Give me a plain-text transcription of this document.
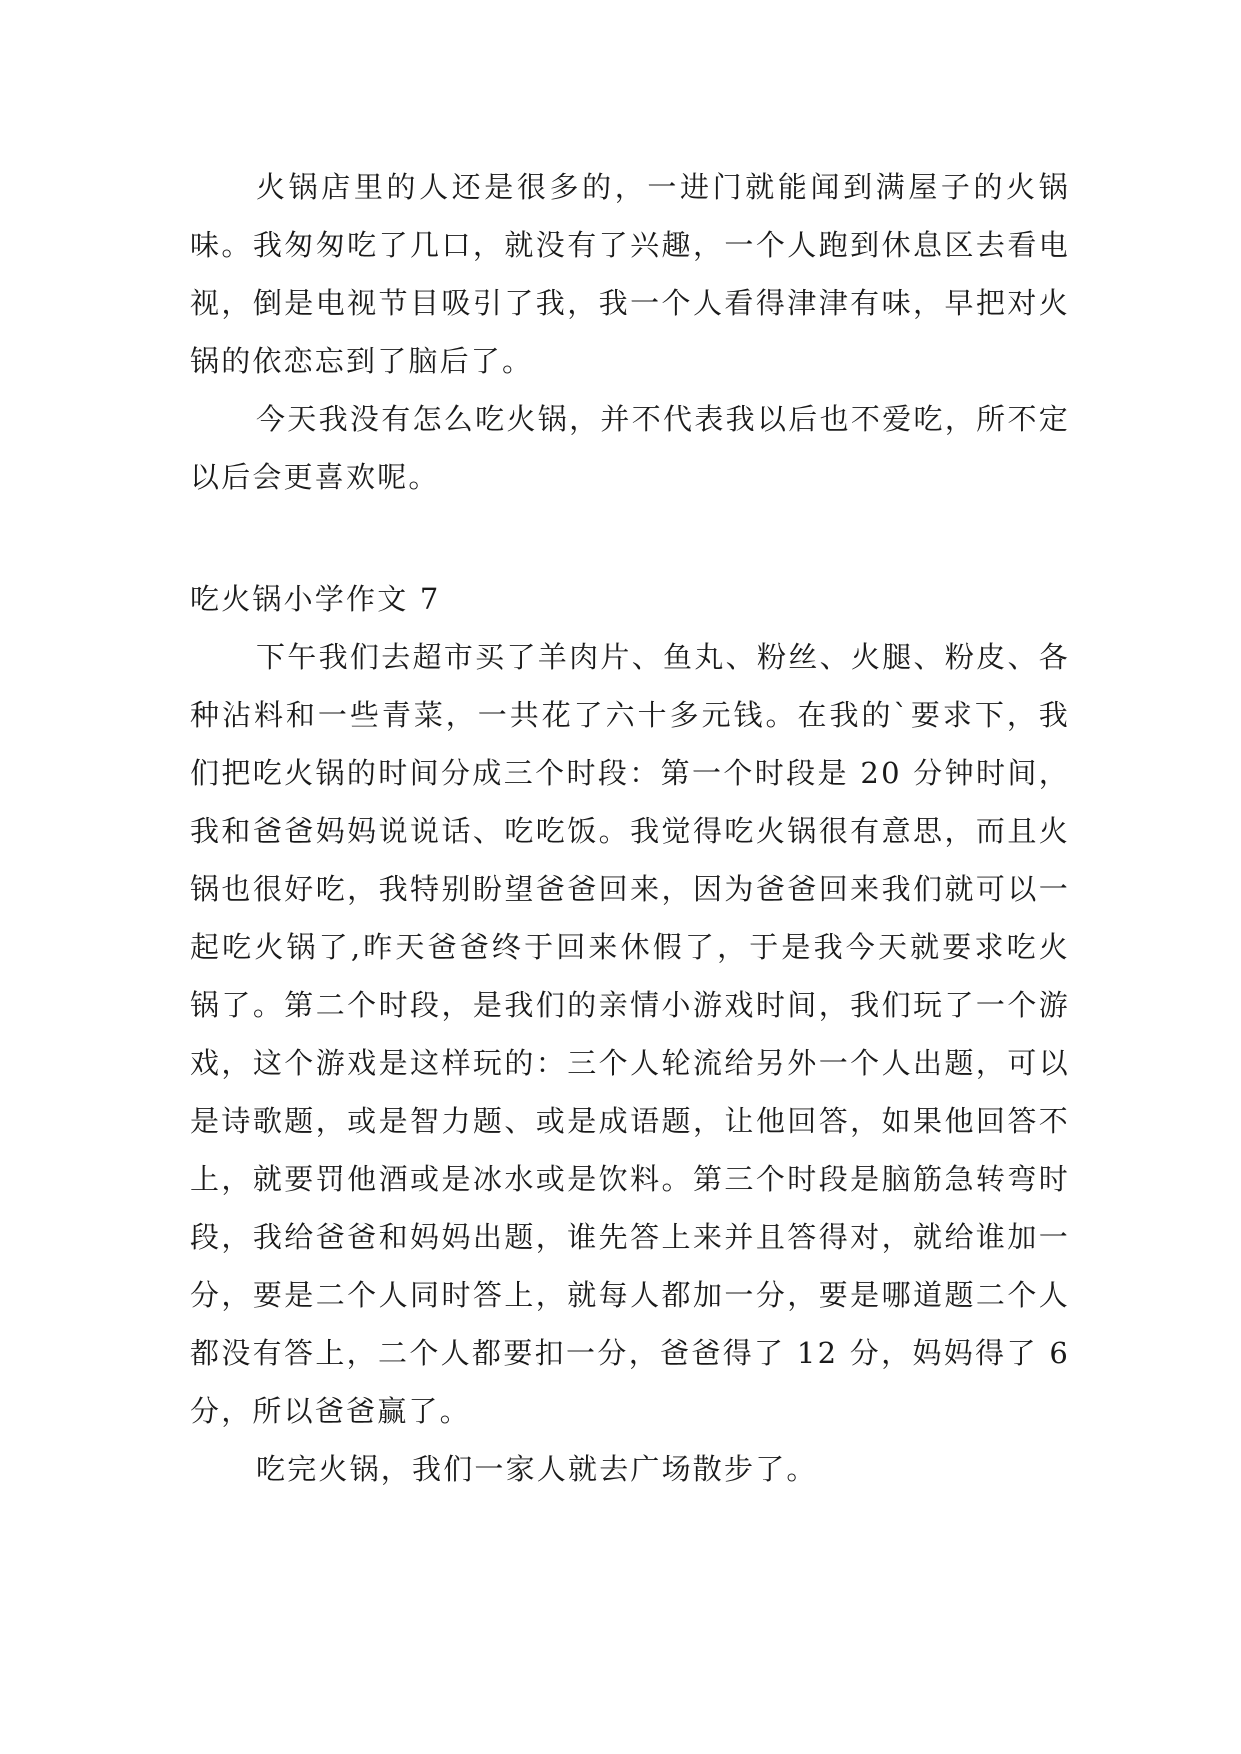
火锅店里的人还是很多的，一进门就能闻到满屋子的火锅味。我匆匆吃了几口，就没有了兴趣，一个人跑到休息区去看电视，倒是电视节目吸引了我，我一个人看得津津有味，早把对火锅的依恋忘到了脑后了。

今天我没有怎么吃火锅，并不代表我以后也不爱吃，所不定以后会更喜欢呢。

吃火锅小学作文 7

下午我们去超市买了羊肉片、鱼丸、粉丝、火腿、粉皮、各种沾料和一些青菜，一共花了六十多元钱。在我的`要求下，我们把吃火锅的时间分成三个时段：第一个时段是 20 分钟时间，我和爸爸妈妈说说话、吃吃饭。我觉得吃火锅很有意思，而且火锅也很好吃，我特别盼望爸爸回来，因为爸爸回来我们就可以一起吃火锅了,昨天爸爸终于回来休假了，于是我今天就要求吃火锅了。第二个时段，是我们的亲情小游戏时间，我们玩了一个游戏，这个游戏是这样玩的：三个人轮流给另外一个人出题，可以是诗歌题，或是智力题、或是成语题，让他回答，如果他回答不上，就要罚他酒或是冰水或是饮料。第三个时段是脑筋急转弯时段，我给爸爸和妈妈出题，谁先答上来并且答得对，就给谁加一分，要是二个人同时答上，就每人都加一分，要是哪道题二个人都没有答上，二个人都要扣一分，爸爸得了 12 分，妈妈得了 6 分，所以爸爸赢了。

吃完火锅，我们一家人就去广场散步了。
